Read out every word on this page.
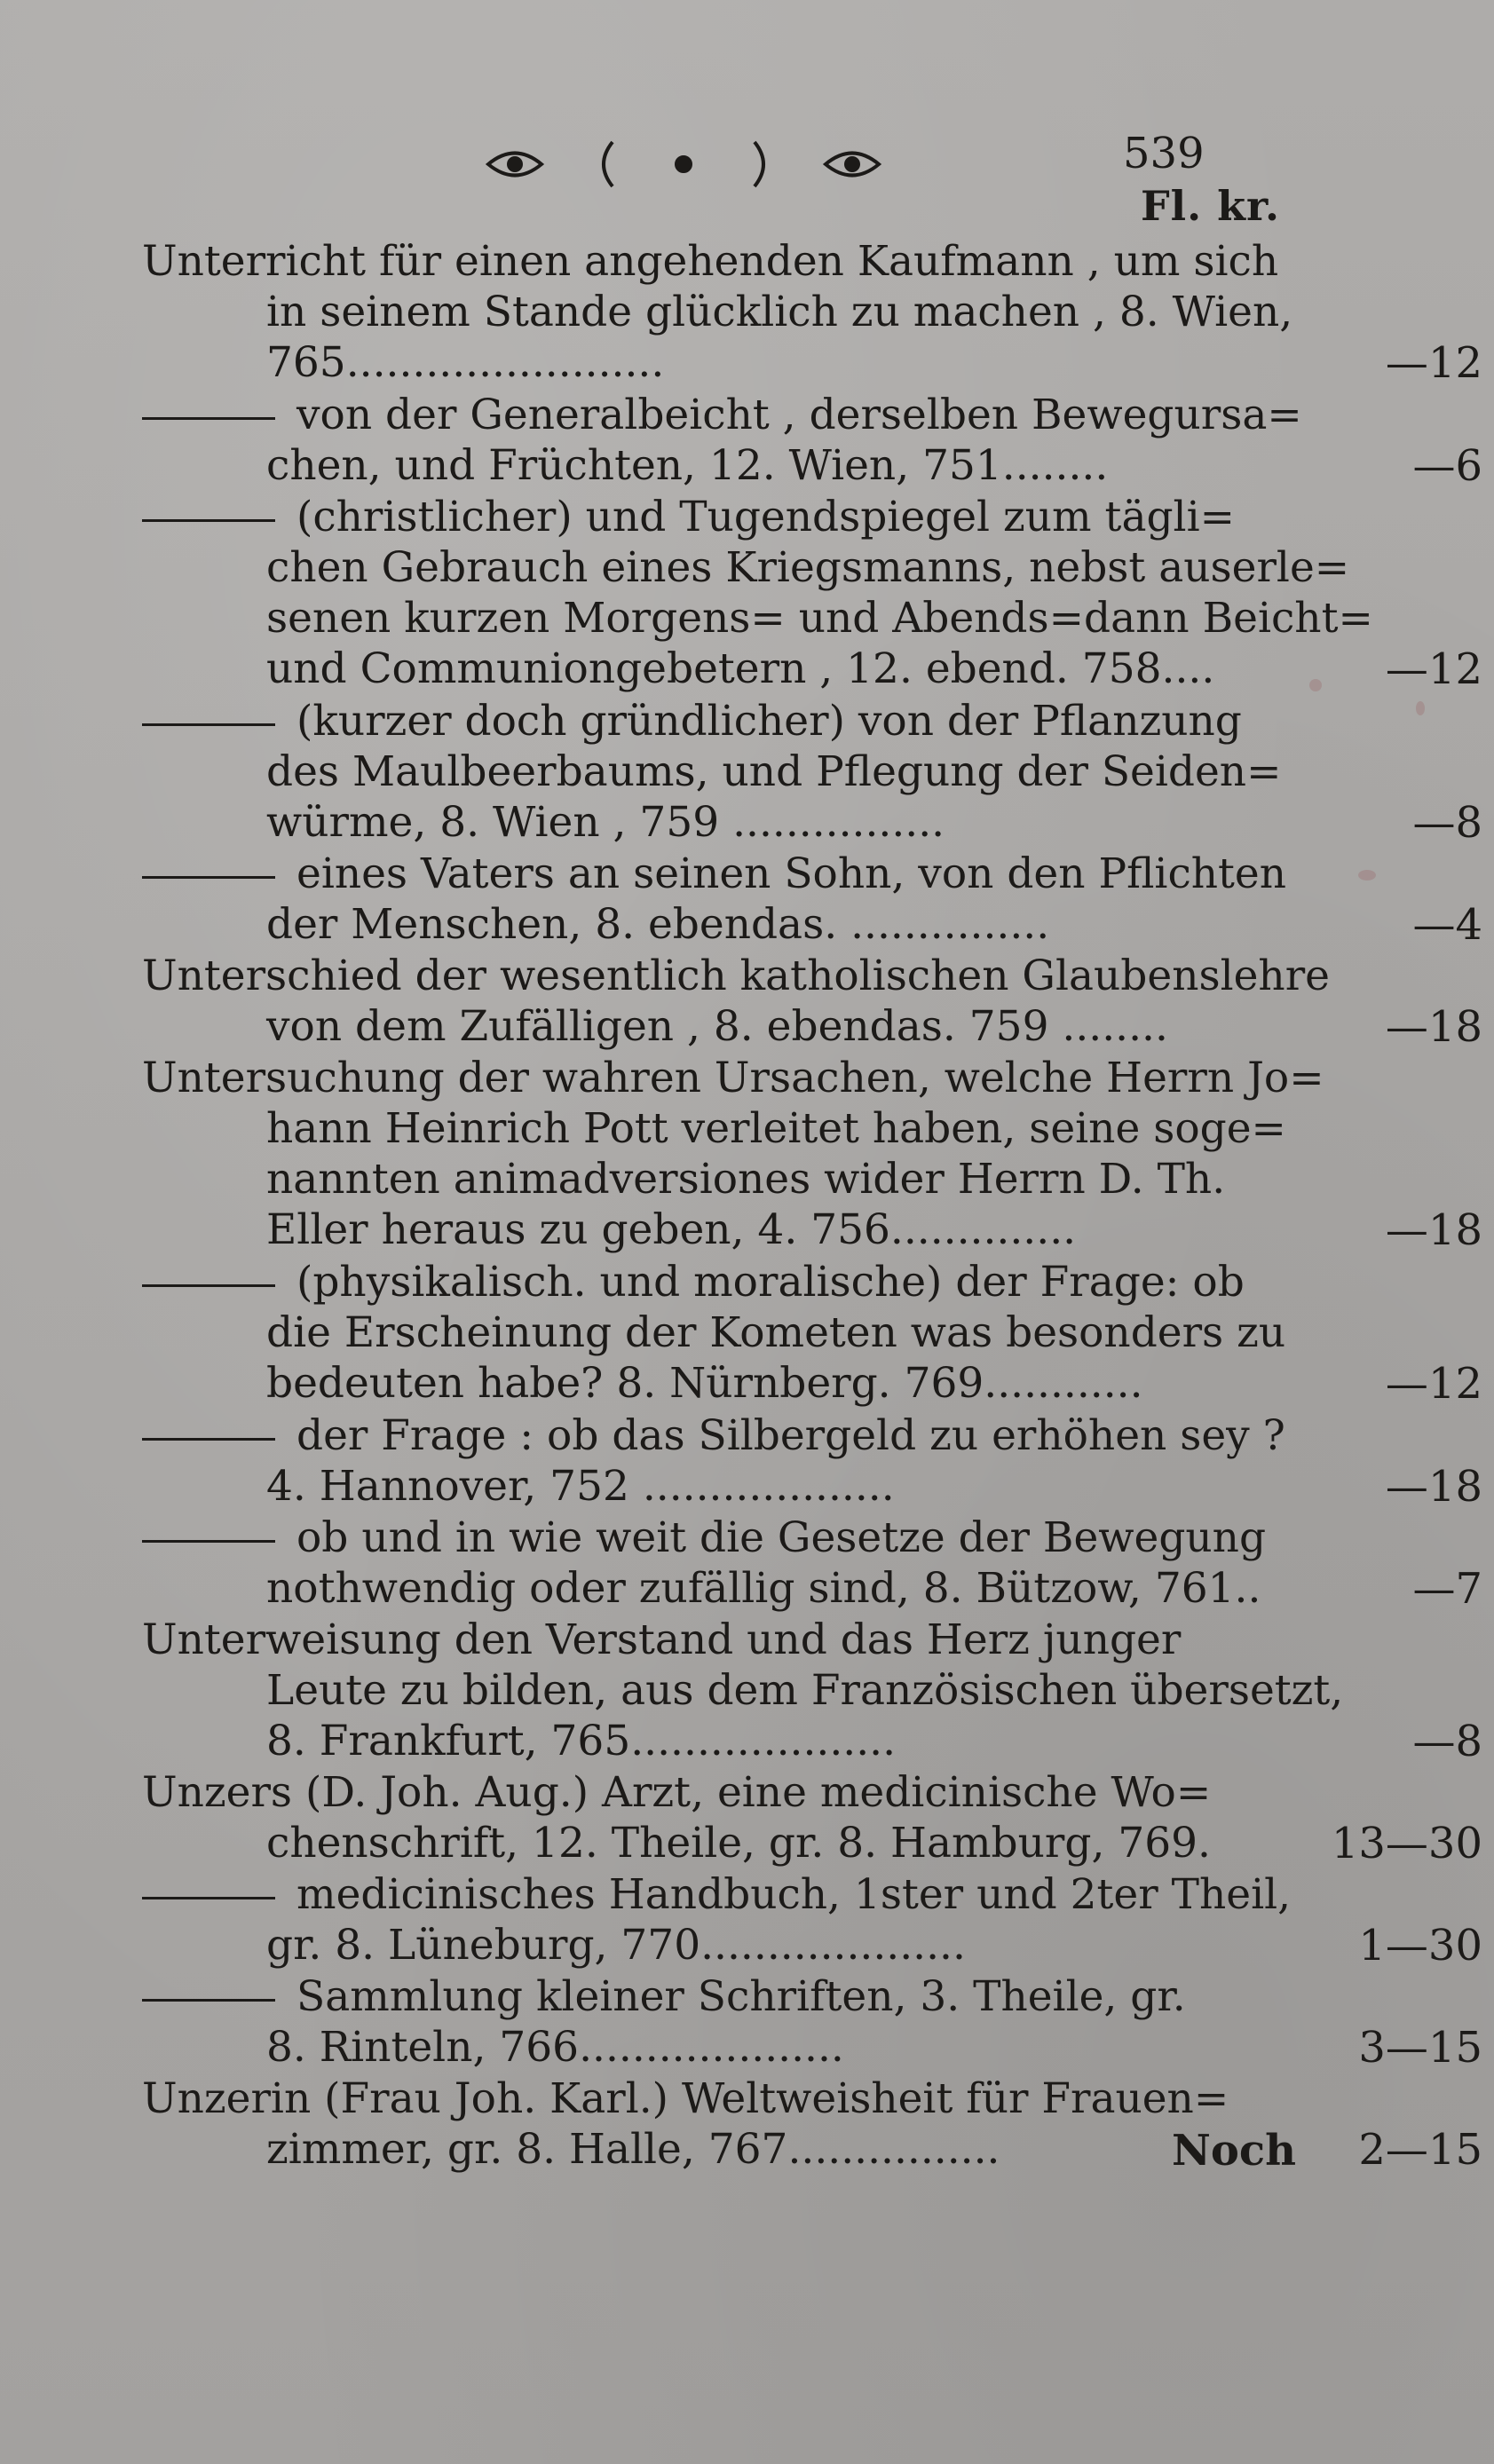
539
Fl. kr.
Unterricht für einen angehenden Kaufmann , um sich
in seinem Stande glücklich zu machen , 8. Wien,
765........................	—12
von der Generalbeicht , derselben Bewegursa=
chen, und Früchten, 12. Wien, 751........	—6
(christlicher) und Tugendspiegel zum tägli=
chen Gebrauch eines Kriegsmanns, nebst auserle=
senen kurzen Morgens= und Abends=dann Beicht=
und Communiongebetern , 12. ebend. 758....	—12
(kurzer doch gründlicher) von der Pflanzung
des Maulbeerbaums, und Pflegung der Seiden=
würme, 8. Wien , 759 ................	—8
eines Vaters an seinen Sohn, von den Pflichten
der Menschen, 8. ebendas. ...............	—4
Unterschied der wesentlich katholischen Glaubenslehre
von dem Zufälligen , 8. ebendas. 759 ........	—18
Untersuchung der wahren Ursachen, welche Herrn Jo=
hann Heinrich Pott verleitet haben, seine soge=
nannten animadversiones wider Herrn D. Th.
Eller heraus zu geben, 4. 756..............	—18
(physikalisch. und moralische) der Frage: ob
die Erscheinung der Kometen was besonders zu
bedeuten habe? 8. Nürnberg. 769............	—12
der Frage : ob das Silbergeld zu erhöhen sey ?
4. Hannover, 752 ...................	—18
ob und in wie weit die Gesetze der Bewegung
nothwendig oder zufällig sind, 8. Bützow, 761..	—7
Unterweisung den Verstand und das Herz junger
Leute zu bilden, aus dem Französischen übersetzt,
8. Frankfurt, 765....................	—8
Unzers (D. Joh. Aug.) Arzt, eine medicinische Wo=
chenschrift, 12. Theile, gr. 8. Hamburg, 769.	13—30
medicinisches Handbuch, 1ster und 2ter Theil,
gr. 8. Lüneburg, 770....................	1—30
Sammlung kleiner Schriften, 3. Theile, gr.
8. Rinteln, 766....................	3—15
Unzerin (Frau Joh. Karl.) Weltweisheit für Frauen=
zimmer, gr. 8. Halle, 767................	2—15
Noch
